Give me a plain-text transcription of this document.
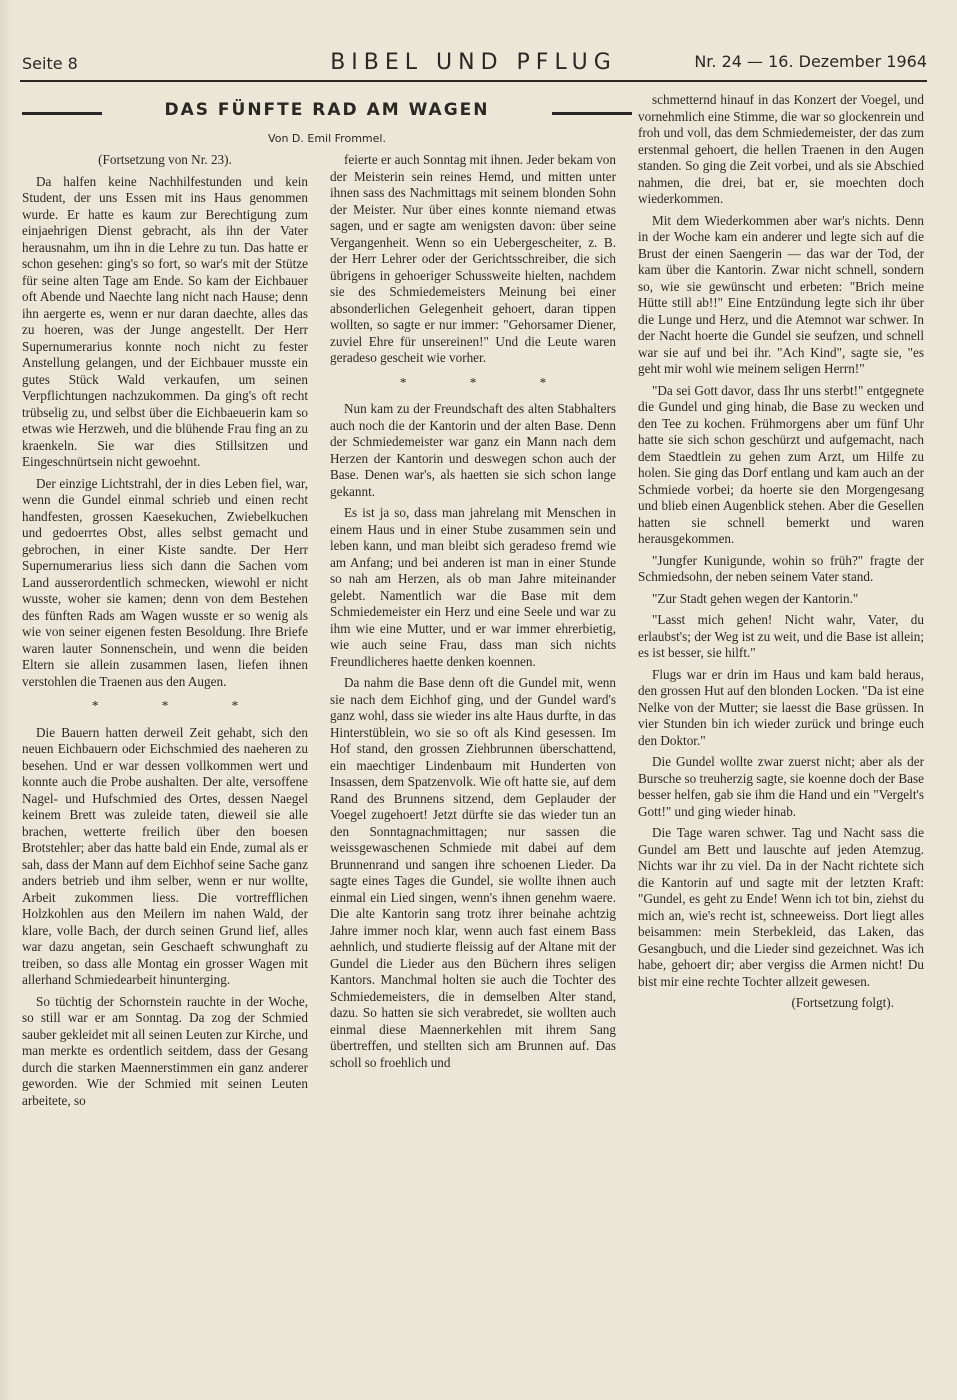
Seite 8	BIBEL UND PFLUG	Nr. 24 — 16. Dezember 1964
DAS FÜNFTE RAD AM WAGEN
Von D. Emil Frommel.

(Fortsetzung von Nr. 23).

Da halfen keine Nachhilfestunden und kein Student, der uns Essen mit ins Haus genommen wurde. Er hatte es kaum zur Berechtigung zum einjaehrigen Dienst gebracht, als ihn der Vater herausnahm, um ihn in die Lehre zu tun. Das hatte er schon gesehen: ging's so fort, so war's mit der Stütze für seine alten Tage am Ende. So kam der Eichbauer oft Abende und Naechte lang nicht nach Hause; denn ihn aergerte es, wenn er nur daran daechte, alles das zu hoeren, was der Junge angestellt. Der Herr Supernumerarius konnte noch nicht zu fester Anstellung gelangen, und der Eichbauer musste ein gutes Stück Wald verkaufen, um seinen Verpflichtungen nachzukommen. Da ging's oft recht trübselig zu, und selbst über die Eichbaeuerin kam so etwas wie Herzweh, und die blühende Frau fing an zu kraenkeln. Sie war dies Stillsitzen und Eingeschnürtsein nicht gewoehnt.

Der einzige Lichtstrahl, der in dies Leben fiel, war, wenn die Gundel einmal schrieb und einen recht handfesten, grossen Kaesekuchen, Zwiebelkuchen und gedoerrtes Obst, alles selbst gemacht und gebrochen, in einer Kiste sandte. Der Herr Supernumerarius liess sich dann die Sachen vom Land ausserordentlich schmecken, wiewohl er nicht wusste, woher sie kamen; denn von dem Bestehen des fünften Rads am Wagen wusste er so wenig als wie von seiner eigenen festen Besoldung. Ihre Briefe waren lauter Sonnenschein, und wenn die beiden Eltern sie allein zusammen lasen, liefen ihnen verstohlen die Traenen aus den Augen.

* * *

Die Bauern hatten derweil Zeit gehabt, sich den neuen Eichbauern oder Eichschmied des naeheren zu besehen. Und er war dessen vollkommen wert und konnte auch die Probe aushalten. Der alte, versoffene Nagel- und Hufschmied des Ortes, dessen Naegel keinem Brett was zuleide taten, dieweil sie alle brachen, wetterte freilich über den boesen Brotstehler; aber das hatte bald ein Ende, zumal als er sah, dass der Mann auf dem Eichhof seine Sache ganz anders betrieb und ihm selber, wenn er nur wollte, Arbeit zukommen liess. Die vortrefflichen Holzkohlen aus den Meilern im nahen Wald, der klare, volle Bach, der durch seinen Grund lief, alles war dazu angetan, sein Geschaeft schwunghaft zu treiben, so dass alle Montag ein grosser Wagen mit allerhand Schmiedearbeit hinunterging.

So tüchtig der Schornstein rauchte in der Woche, so still war er am Sonntag. Da zog der Schmied sauber gekleidet mit all seinen Leuten zur Kirche, und man merkte es ordentlich seitdem, dass der Gesang durch die starken Maennerstimmen ein ganz anderer geworden. Wie der Schmied mit seinen Leuten arbeitete, so

feierte er auch Sonntag mit ihnen. Jeder bekam von der Meisterin sein reines Hemd, und mitten unter ihnen sass des Nachmittags mit seinem blonden Sohn der Meister. Nur über eines konnte niemand etwas sagen, und er sagte am wenigsten davon: über seine Vergangenheit. Wenn so ein Uebergescheiter, z. B. der Herr Lehrer oder der Gerichtsschreiber, die sich übrigens in gehoeriger Schussweite hielten, nachdem sie des Schmiedemeisters Meinung bei einer absonderlichen Gelegenheit gehoert, daran tippen wollten, so sagte er nur immer: "Gehorsamer Diener, zuviel Ehre für unsereinen!" Und die Leute waren geradeso gescheit wie vorher.

* * *

Nun kam zu der Freundschaft des alten Stabhalters auch noch die der Kantorin und der alten Base. Denn der Schmiedemeister war ganz ein Mann nach dem Herzen der Kantorin und deswegen schon auch der Base. Denen war's, als haetten sie sich schon lange gekannt.

Es ist ja so, dass man jahrelang mit Menschen in einem Haus und in einer Stube zusammen sein und leben kann, und man bleibt sich geradeso fremd wie am Anfang; und bei anderen ist man in einer Stunde so nah am Herzen, als ob man Jahre miteinander gelebt. Namentlich war die Base mit dem Schmiedemeister ein Herz und eine Seele und war zu ihm wie eine Mutter, und er war immer ehrerbietig, wie auch seine Frau, dass man sich nichts Freundlicheres haette denken koennen.

Da nahm die Base denn oft die Gundel mit, wenn sie nach dem Eichhof ging, und der Gundel ward's ganz wohl, dass sie wieder ins alte Haus durfte, in das Hinterstüblein, wo sie so oft als Kind gesessen. Im Hof stand, den grossen Ziehbrunnen überschattend, ein maechtiger Lindenbaum mit Hunderten von Insassen, dem Spatzenvolk. Wie oft hatte sie, auf dem Rand des Brunnens sitzend, dem Geplauder der Voegel zugehoert! Jetzt dürfte sie das wieder tun an den Sonntagnachmittagen; nur sassen die weissgewaschenen Schmiede mit dabei auf dem Brunnenrand und sangen ihre schoenen Lieder. Da sagte eines Tages die Gundel, sie wollte ihnen auch einmal ein Lied singen, wenn's ihnen genehm waere. Die alte Kantorin sang trotz ihrer beinahe achtzig Jahre immer noch klar, wenn auch fast einem Bass aehnlich, und studierte fleissig auf der Altane mit der Gundel die Lieder aus den Büchern ihres seligen Kantors. Manchmal holten sie auch die Tochter des Schmiedemeisters, die in demselben Alter stand, dazu. So hatten sie sich verabredet, sie wollten auch einmal diese Maennerkehlen mit ihrem Sang übertreffen, und stellten sich am Brunnen auf. Das scholl so froehlich und

schmetternd hinauf in das Konzert der Voegel, und vornehmlich eine Stimme, die war so glockenrein und froh und voll, das dem Schmiedemeister, der das zum erstenmal gehoert, die hellen Traenen in den Augen standen. So ging die Zeit vorbei, und als sie Abschied nahmen, die drei, bat er, sie moechten doch wiederkommen.

Mit dem Wiederkommen aber war's nichts. Denn in der Woche kam ein anderer und legte sich auf die Brust der einen Saengerin — das war der Tod, der kam über die Kantorin. Zwar nicht schnell, sondern so, wie sie gewünscht und erbeten: "Brich meine Hütte still ab!!" Eine Entzündung legte sich ihr über die Lunge und Herz, und die Atemnot war schwer. In der Nacht hoerte die Gundel sie seufzen, und schnell war sie auf und bei ihr. "Ach Kind", sagte sie, "es geht mir wohl wie meinem seligen Herrn!"

"Da sei Gott davor, dass Ihr uns sterbt!" entgegnete die Gundel und ging hinab, die Base zu wecken und den Tee zu kochen. Frühmorgens aber um fünf Uhr hatte sie sich schon geschürzt und aufgemacht, nach dem Staedtlein zu gehen zum Arzt, um Hilfe zu holen. Sie ging das Dorf entlang und kam auch an der Schmiede vorbei; da hoerte sie den Morgengesang und blieb einen Augenblick stehen. Aber die Gesellen hatten sie schnell bemerkt und waren herausgekommen.

"Jungfer Kunigunde, wohin so früh?" fragte der Schmiedsohn, der neben seinem Vater stand.

"Zur Stadt gehen wegen der Kantorin."

"Lasst mich gehen! Nicht wahr, Vater, du erlaubst's; der Weg ist zu weit, und die Base ist allein; es ist besser, sie hilft."

Flugs war er drin im Haus und kam bald heraus, den grossen Hut auf den blonden Locken. "Da ist eine Nelke von der Mutter; sie laesst die Base grüssen. In vier Stunden bin ich wieder zurück und bringe euch den Doktor."

Die Gundel wollte zwar zuerst nicht; aber als der Bursche so treuherzig sagte, sie koenne doch der Base besser helfen, gab sie ihm die Hand und ein "Vergelt's Gott!" und ging wieder hinab.

Die Tage waren schwer. Tag und Nacht sass die Gundel am Bett und lauschte auf jeden Atemzug. Nichts war ihr zu viel. Da in der Nacht richtete sich die Kantorin auf und sagte mit der letzten Kraft: "Gundel, es geht zu Ende! Wenn ich tot bin, ziehst du mich an, wie's recht ist, schneeweiss. Dort liegt alles beisammen: mein Sterbekleid, das Laken, das Gesangbuch, und die Lieder sind gezeichnet. Was ich habe, gehoert dir; aber vergiss die Armen nicht! Du bist mir eine rechte Tochter allzeit gewesen.

(Fortsetzung folgt).
